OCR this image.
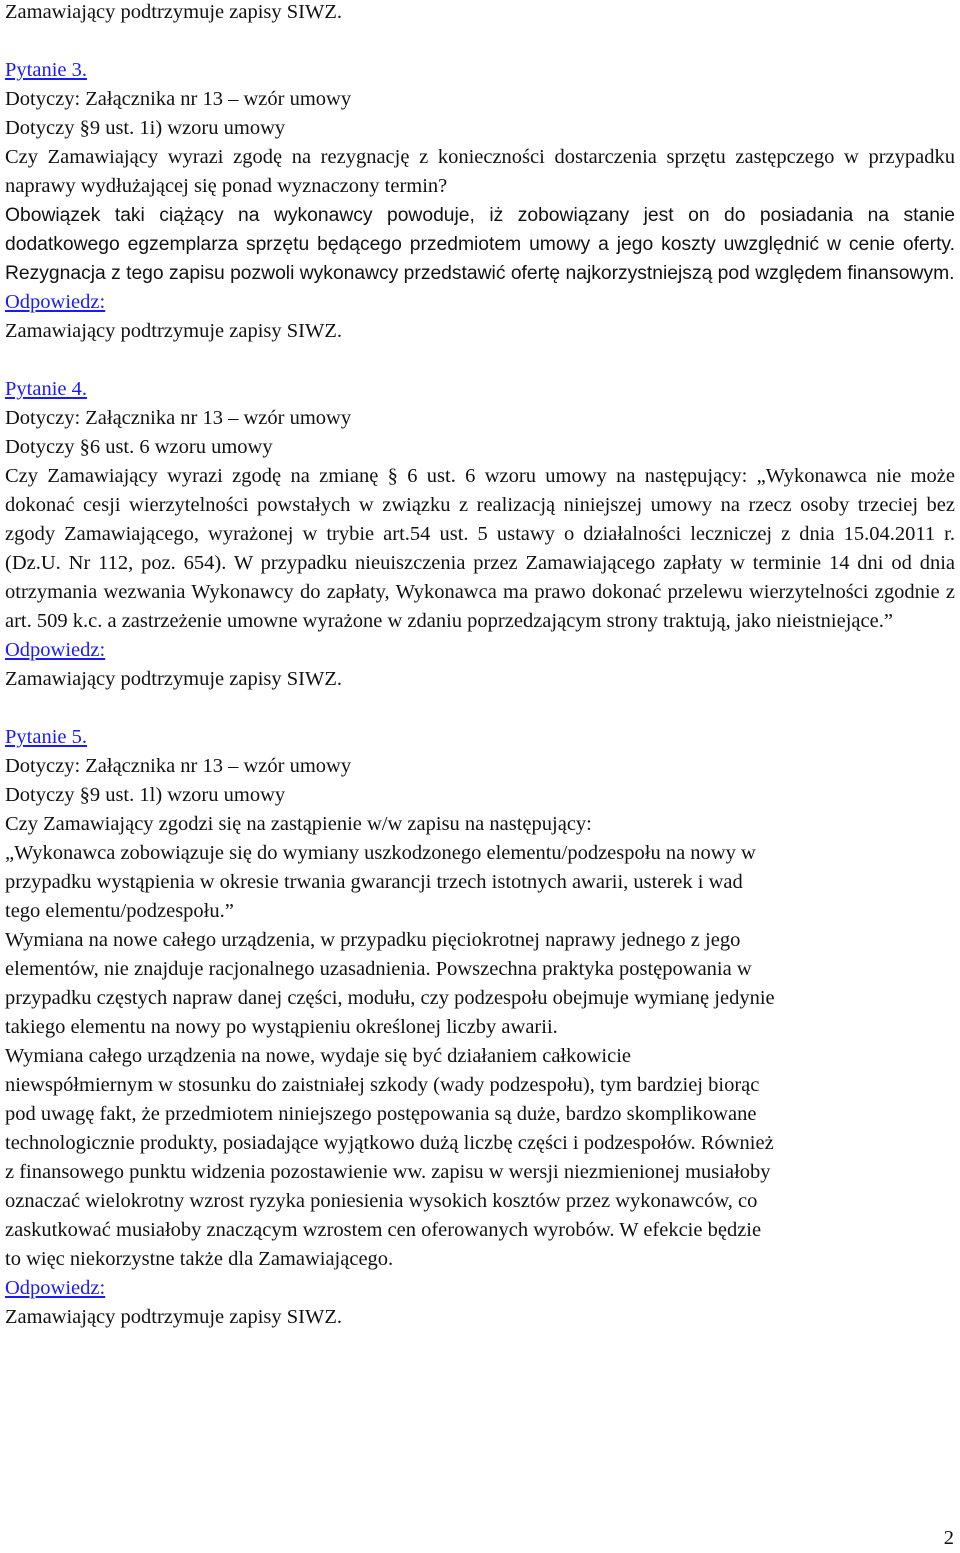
Zamawiający podtrzymuje zapisy SIWZ.
Pytanie 3.
Dotyczy: Załącznika nr 13 – wzór umowy
Dotyczy §9 ust. 1i) wzoru umowy
Czy Zamawiający wyrazi zgodę na rezygnację z konieczności dostarczenia sprzętu zastępczego w przypadku naprawy wydłużającej się ponad wyznaczony termin?
Obowiązek taki ciążący na wykonawcy powoduje, iż zobowiązany jest on do posiadania na stanie dodatkowego egzemplarza sprzętu będącego przedmiotem umowy a jego koszty uwzględnić w cenie oferty. Rezygnacja z tego zapisu pozwoli wykonawcy przedstawić ofertę najkorzystniejszą pod względem finansowym.
Odpowiedz:
Zamawiający podtrzymuje zapisy SIWZ.
Pytanie 4.
Dotyczy: Załącznika nr 13 – wzór umowy
Dotyczy §6 ust. 6 wzoru umowy
Czy Zamawiający wyrazi zgodę na zmianę § 6 ust. 6 wzoru umowy na następujący: „Wykonawca nie może dokonać cesji wierzytelności powstałych w związku z realizacją niniejszej umowy na rzecz osoby trzeciej bez zgody Zamawiającego, wyrażonej w trybie art.54 ust. 5 ustawy o działalności leczniczej z dnia 15.04.2011 r. (Dz.U. Nr 112, poz. 654). W przypadku nieuiszczenia przez Zamawiającego zapłaty w terminie 14 dni od dnia otrzymania wezwania Wykonawcy do zapłaty, Wykonawca ma prawo dokonać przelewu wierzytelności zgodnie z art. 509 k.c. a zastrzeżenie umowne wyrażone w zdaniu poprzedzającym strony traktują, jako nieistniejące.”
Odpowiedz:
Zamawiający podtrzymuje zapisy SIWZ.
Pytanie 5.
Dotyczy: Załącznika nr 13 – wzór umowy
Dotyczy §9 ust. 1l) wzoru umowy
Czy Zamawiający zgodzi się na zastąpienie w/w zapisu na następujący:
„Wykonawca zobowiązuje się do wymiany uszkodzonego elementu/podzespołu na nowy w
przypadku wystąpienia w okresie trwania gwarancji trzech istotnych awarii, usterek i wad
tego elementu/podzespołu.”
Wymiana na nowe całego urządzenia, w przypadku pięciokrotnej naprawy jednego z jego
elementów, nie znajduje racjonalnego uzasadnienia. Powszechna praktyka postępowania w
przypadku częstych napraw danej części, modułu, czy podzespołu obejmuje wymianę jedynie
takiego elementu na nowy po wystąpieniu określonej liczby awarii.
Wymiana całego urządzenia na nowe, wydaje się być działaniem całkowicie
niewspółmiernym w stosunku do zaistniałej szkody (wady podzespołu), tym bardziej biorąc
pod uwagę fakt, że przedmiotem niniejszego postępowania są duże, bardzo skomplikowane
technologicznie produkty, posiadające wyjątkowo dużą liczbę części i podzespołów. Również
z finansowego punktu widzenia pozostawienie ww. zapisu w wersji niezmienionej musiałoby
oznaczać wielokrotny wzrost ryzyka poniesienia wysokich kosztów przez wykonawców, co
zaskutkować musiałoby znaczącym wzrostem cen oferowanych wyrobów. W efekcie będzie
to więc niekorzystne także dla Zamawiającego.
Odpowiedz:
Zamawiający podtrzymuje zapisy SIWZ.
2
